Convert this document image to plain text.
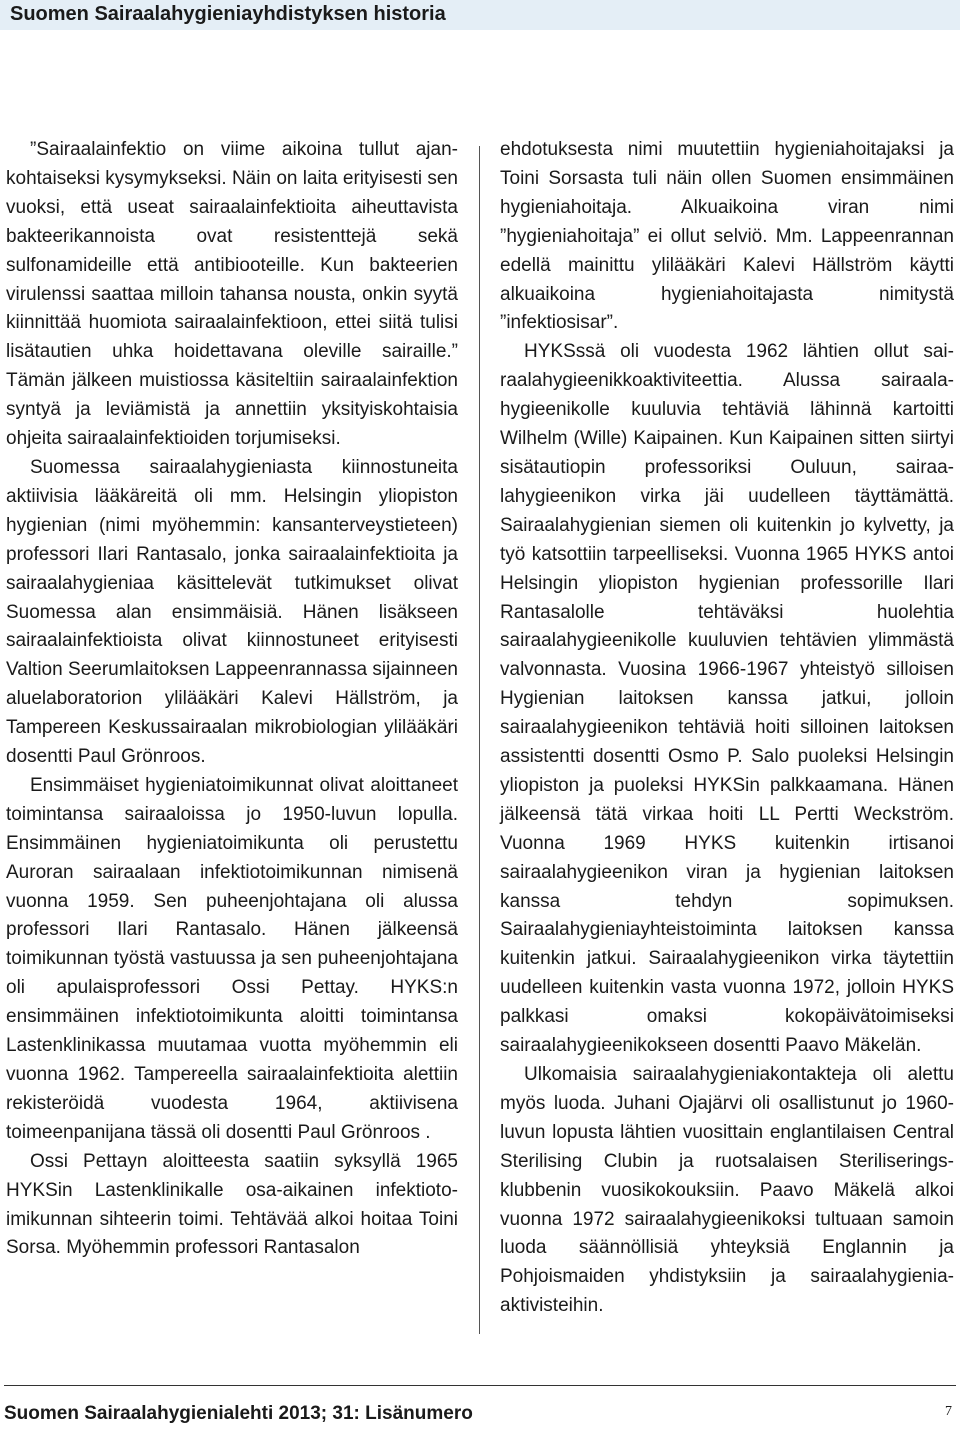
Suomen Sairaalahygieniayhdistyksen historia

”Sairaalainfektio on viime aikoina tullut ajankohtaiseksi kysymykseksi. Näin on laita erityisesti sen vuoksi, että useat sairaalainfektioita aiheuttavista bakteerikannoista ovat resistenttejä sekä sulfonamideille että antibiooteille. Kun bakteerien virulenssi saattaa milloin tahansa nousta, onkin syytä kiinnittää huomiota sairaalainfektioon, ettei siitä tulisi lisätautien uhka hoidettavana oleville sairaille.” Tämän jälkeen muistiossa käsiteltiin sairaalainfektion syntyä ja leviämistä ja annettiin yksityiskohtaisia ohjeita sairaalainfektioiden torjumiseksi.

Suomessa sairaalahygieniasta kiinnostuneita aktiivisia lääkäreitä oli mm. Helsingin yliopiston hygienian (nimi myöhemmin: kansanterveystieteen) professori Ilari Rantasalo, jonka sairaalainfektioita ja sairaalahygieniaa käsittelevät tutkimukset olivat Suomessa alan ensimmäisiä. Hänen lisäkseen sairaalainfektioista olivat kiinnostuneet erityisesti Valtion Seerumlaitoksen Lappeenrannassa sijainneen aluelaboratorion ylilääkäri Kalevi Hällström, ja Tampereen Keskussairaalan mikrobiologian ylilääkäri dosentti Paul Grönroos.

Ensimmäiset hygieniatoimikunnat olivat aloittaneet toimintansa sairaaloissa jo 1950-luvun lopulla. Ensimmäinen hygieniatoimikunta oli perustettu Auroran sairaalaan infektiotoimikunnan nimisenä vuonna 1959. Sen puheenjohtajana oli alussa professori Ilari Rantasalo. Hänen jälkeensä toimikunnan työstä vastuussa ja sen puheenjohtajana oli apulaisprofessori Ossi Pettay. HYKS:n ensimmäinen infektiotoimikunta aloitti toimintansa Lastenklinikassa muutamaa vuotta myöhemmin eli vuonna 1962. Tampereella sairaalainfektioita alettiin rekisteröidä vuodesta 1964, aktiivisena toimeenpanijana tässä oli dosentti Paul Grönroos .

Ossi Pettayn aloitteesta saatiin syksyllä 1965 HYKSin Lastenklinikalle osa-aikainen infektiotoimikunnan sihteerin toimi. Tehtävää alkoi hoitaa Toini Sorsa. Myöhemmin professori Rantasalon

ehdotuksesta nimi muutettiin hygieniahoitajaksi ja Toini Sorsasta tuli näin ollen Suomen ensimmäinen hygieniahoitaja. Alkuaikoina viran nimi ”hygieniahoitaja” ei ollut selviö. Mm. Lappeenrannan edellä mainittu ylilääkäri Kalevi Hällström käytti alkuaikoina hygieniahoitajasta nimitystä ”infektiosisar”.

HYKSssä oli vuodesta 1962 lähtien ollut sairaalahygieenikkoaktiviteettia. Alussa sairaalahygieenikolle kuuluvia tehtäviä lähinnä kartoitti Wilhelm (Wille) Kaipainen. Kun Kaipainen sitten siirtyi sisätautiopin professoriksi Ouluun, sairaalahygieenikon virka jäi uudelleen täyttämättä. Sairaalahygienian siemen oli kuitenkin jo kylvetty, ja työ katsottiin tarpeelliseksi. Vuonna 1965 HYKS antoi Helsingin yliopiston hygienian professorille Ilari Rantasalolle tehtäväksi huolehtia sairaalahygieenikolle kuuluvien tehtävien ylimmästä valvonnasta. Vuosina 1966-1967 yhteistyö silloisen Hygienian laitoksen kanssa jatkui, jolloin sairaalahygieenikon tehtäviä hoiti silloinen laitoksen assistentti dosentti Osmo P. Salo puoleksi Helsingin yliopiston ja puoleksi HYKSin palkkaamana. Hänen jälkeensä tätä virkaa hoiti LL Pertti Weckström. Vuonna 1969 HYKS kuitenkin irtisanoi sairaalahygieenikon viran ja hygienian laitoksen kanssa tehdyn sopimuksen. Sairaalahygieniayhteistoiminta laitoksen kanssa kuitenkin jatkui. Sairaalahygieenikon virka täytettiin uudelleen kuitenkin vasta vuonna 1972, jolloin HYKS palkkasi omaksi kokopäivätoimiseksi sairaalahygieenikokseen dosentti Paavo Mäkelän.

Ulkomaisia sairaalahygieniakontakteja oli alettu myös luoda. Juhani Ojajärvi oli osallistunut jo 1960-luvun lopusta lähtien vuosittain englantilaisen Central Sterilising Clubin ja ruotsalaisen Steriliserings-klubbenin vuosikokouksiin. Paavo Mäkelä alkoi vuonna 1972 sairaalahygieenikoksi tultuaan samoin luoda säännöllisiä yhteyksiä Englannin ja Pohjoismaiden yhdistyksiin ja sairaalahygienia-aktivisteihin.

Suomen Sairaalahygienialehti 2013; 31: Lisänumero	7
